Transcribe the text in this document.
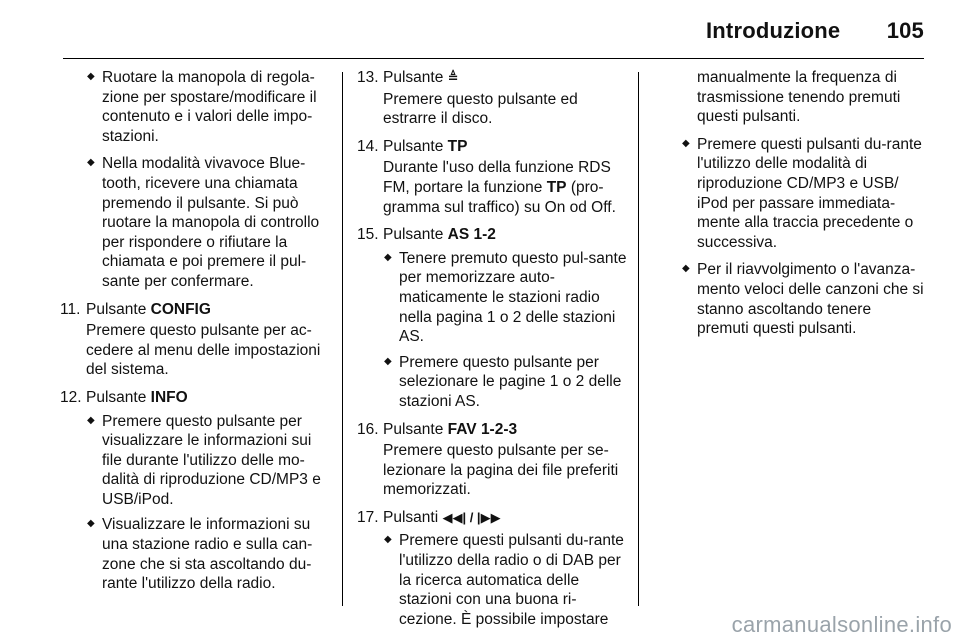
Introduzione 105
◆ Ruotare la manopola di regola-zione per spostare/modificare il contenuto e i valori delle impo-stazioni.
◆ Nella modalità vivavoce Blue-tooth, ricevere una chiamata premendo il pulsante. Si può ruotare la manopola di controllo per rispondere o rifiutare la chiamata e poi premere il pul-sante per confermare.
11. Pulsante CONFIG
Premere questo pulsante per ac-cedere al menu delle impostazioni del sistema.
12. Pulsante INFO
◆ Premere questo pulsante per visualizzare le informazioni sui file durante l'utilizzo delle mo-dalità di riproduzione CD/MP3 e USB/iPod.
◆ Visualizzare le informazioni su una stazione radio e sulla can-zone che si sta ascoltando du-rante l'utilizzo della radio.
13. Pulsante ≜
Premere questo pulsante ed estrarre il disco.
14. Pulsante TP
Durante l'uso della funzione RDS FM, portare la funzione TP (pro-gramma sul traffico) su On od Off.
15. Pulsante AS 1-2
◆ Tenere premuto questo pul-sante per memorizzare auto-maticamente le stazioni radio nella pagina 1 o 2 delle stazioni AS.
◆ Premere questo pulsante per selezionare le pagine 1 o 2 delle stazioni AS.
16. Pulsante FAV 1-2-3
Premere questo pulsante per se-lezionare la pagina dei file preferiti memorizzati.
17. Pulsanti ◀◀| / |▶▶
◆ Premere questi pulsanti du-rante l'utilizzo della radio o di DAB per la ricerca automatica delle stazioni con una buona ri-cezione. È possibile impostare
manualmente la frequenza di trasmissione tenendo premuti questi pulsanti.
◆ Premere questi pulsanti du-rante l'utilizzo delle modalità di riproduzione CD/MP3 e USB/ iPod per passare immediata-mente alla traccia precedente o successiva.
◆ Per il riavvolgimento o l'avanza-mento veloci delle canzoni che si stanno ascoltando tenere premuti questi pulsanti.
carmanualsonline.info
